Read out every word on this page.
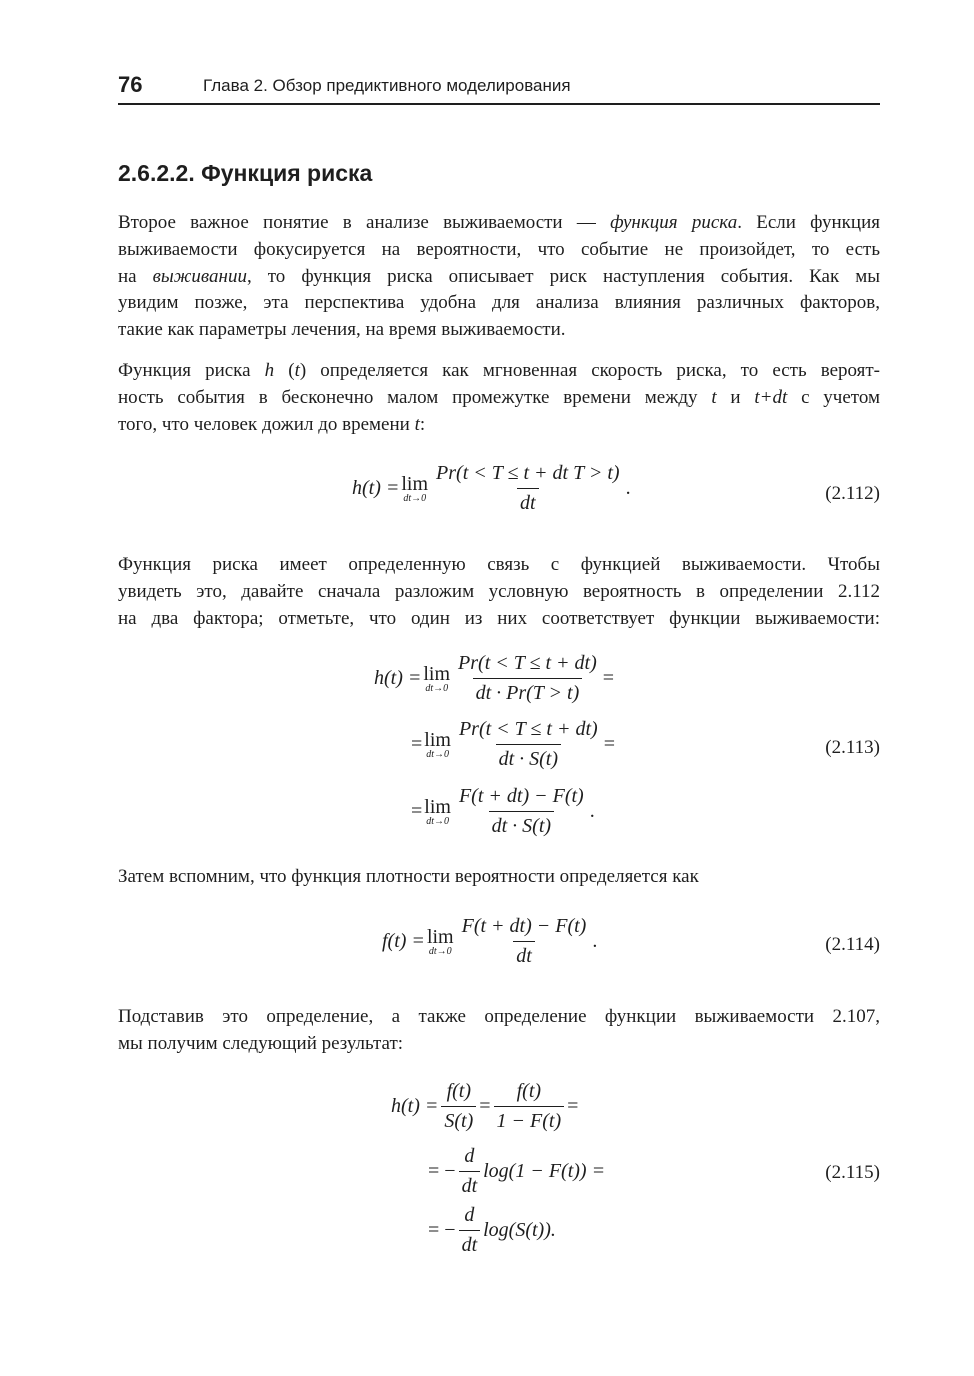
76	Глава 2. Обзор предиктивного моделирования
2.6.2.2. Функция риска
Второе важное понятие в анализе выживаемости — функция риска. Если функция
выживаемости фокусируется на вероятности, что событие не произойдет, то есть
на выживании, то функция риска описывает риск наступления события. Как мы
увидим позже, эта перспектива удобна для анализа влияния различных факторов,
такие как параметры лечения, на время выживаемости.
Функция риска h (t) определяется как мгновенная скорость риска, то есть вероят-
ность события в бесконечно малом промежутке времени между t и t+dt с учетом
того, что человек дожил до времени t:
h(t) = lim
$dt\to 0 \frac{\text{Pr(t < T ≤ t + dt T > t)}}{dt}$ .	(2.112)
Функция риска имеет определенную связь с функцией выживаемости. Чтобы
увидеть это, давайте сначала разложим условную вероятность в определении 2.112
на два фактора; отметьте, что один из них соответствует функции выживаемости:
h(t) = lim
$dt\to 0 \frac{Pr(t < T \le t + dt)}{dt \cdot Pr(T > t)}$ =
= lim
$dt\to 0 \frac{Pr(t < T \le t + dt)}{dt \cdot S(t)}$ =	(2.113)
= lim
$dt\to 0 \frac{F(t + dt) - F(t)}{dt \cdot S(t)}$ .
Затем вспомним, что функция плотности вероятности определяется как
f(t) = lim
$dt\to 0 \frac{F(t + dt) - F(t)}{dt}$ .	(2.114)
Подставив это определение, а также определение функции выживаемости 2.107,
мы получим следующий результат:
$h(t) = \frac{f(t)}{S(t)} = \frac{f(t)}{1 - F(t)}$ =
= − $\frac{d}{dt} \log(1 - F(t))$ =	(2.115)
= − $\frac{d}{dt} \log(S(t))$.
